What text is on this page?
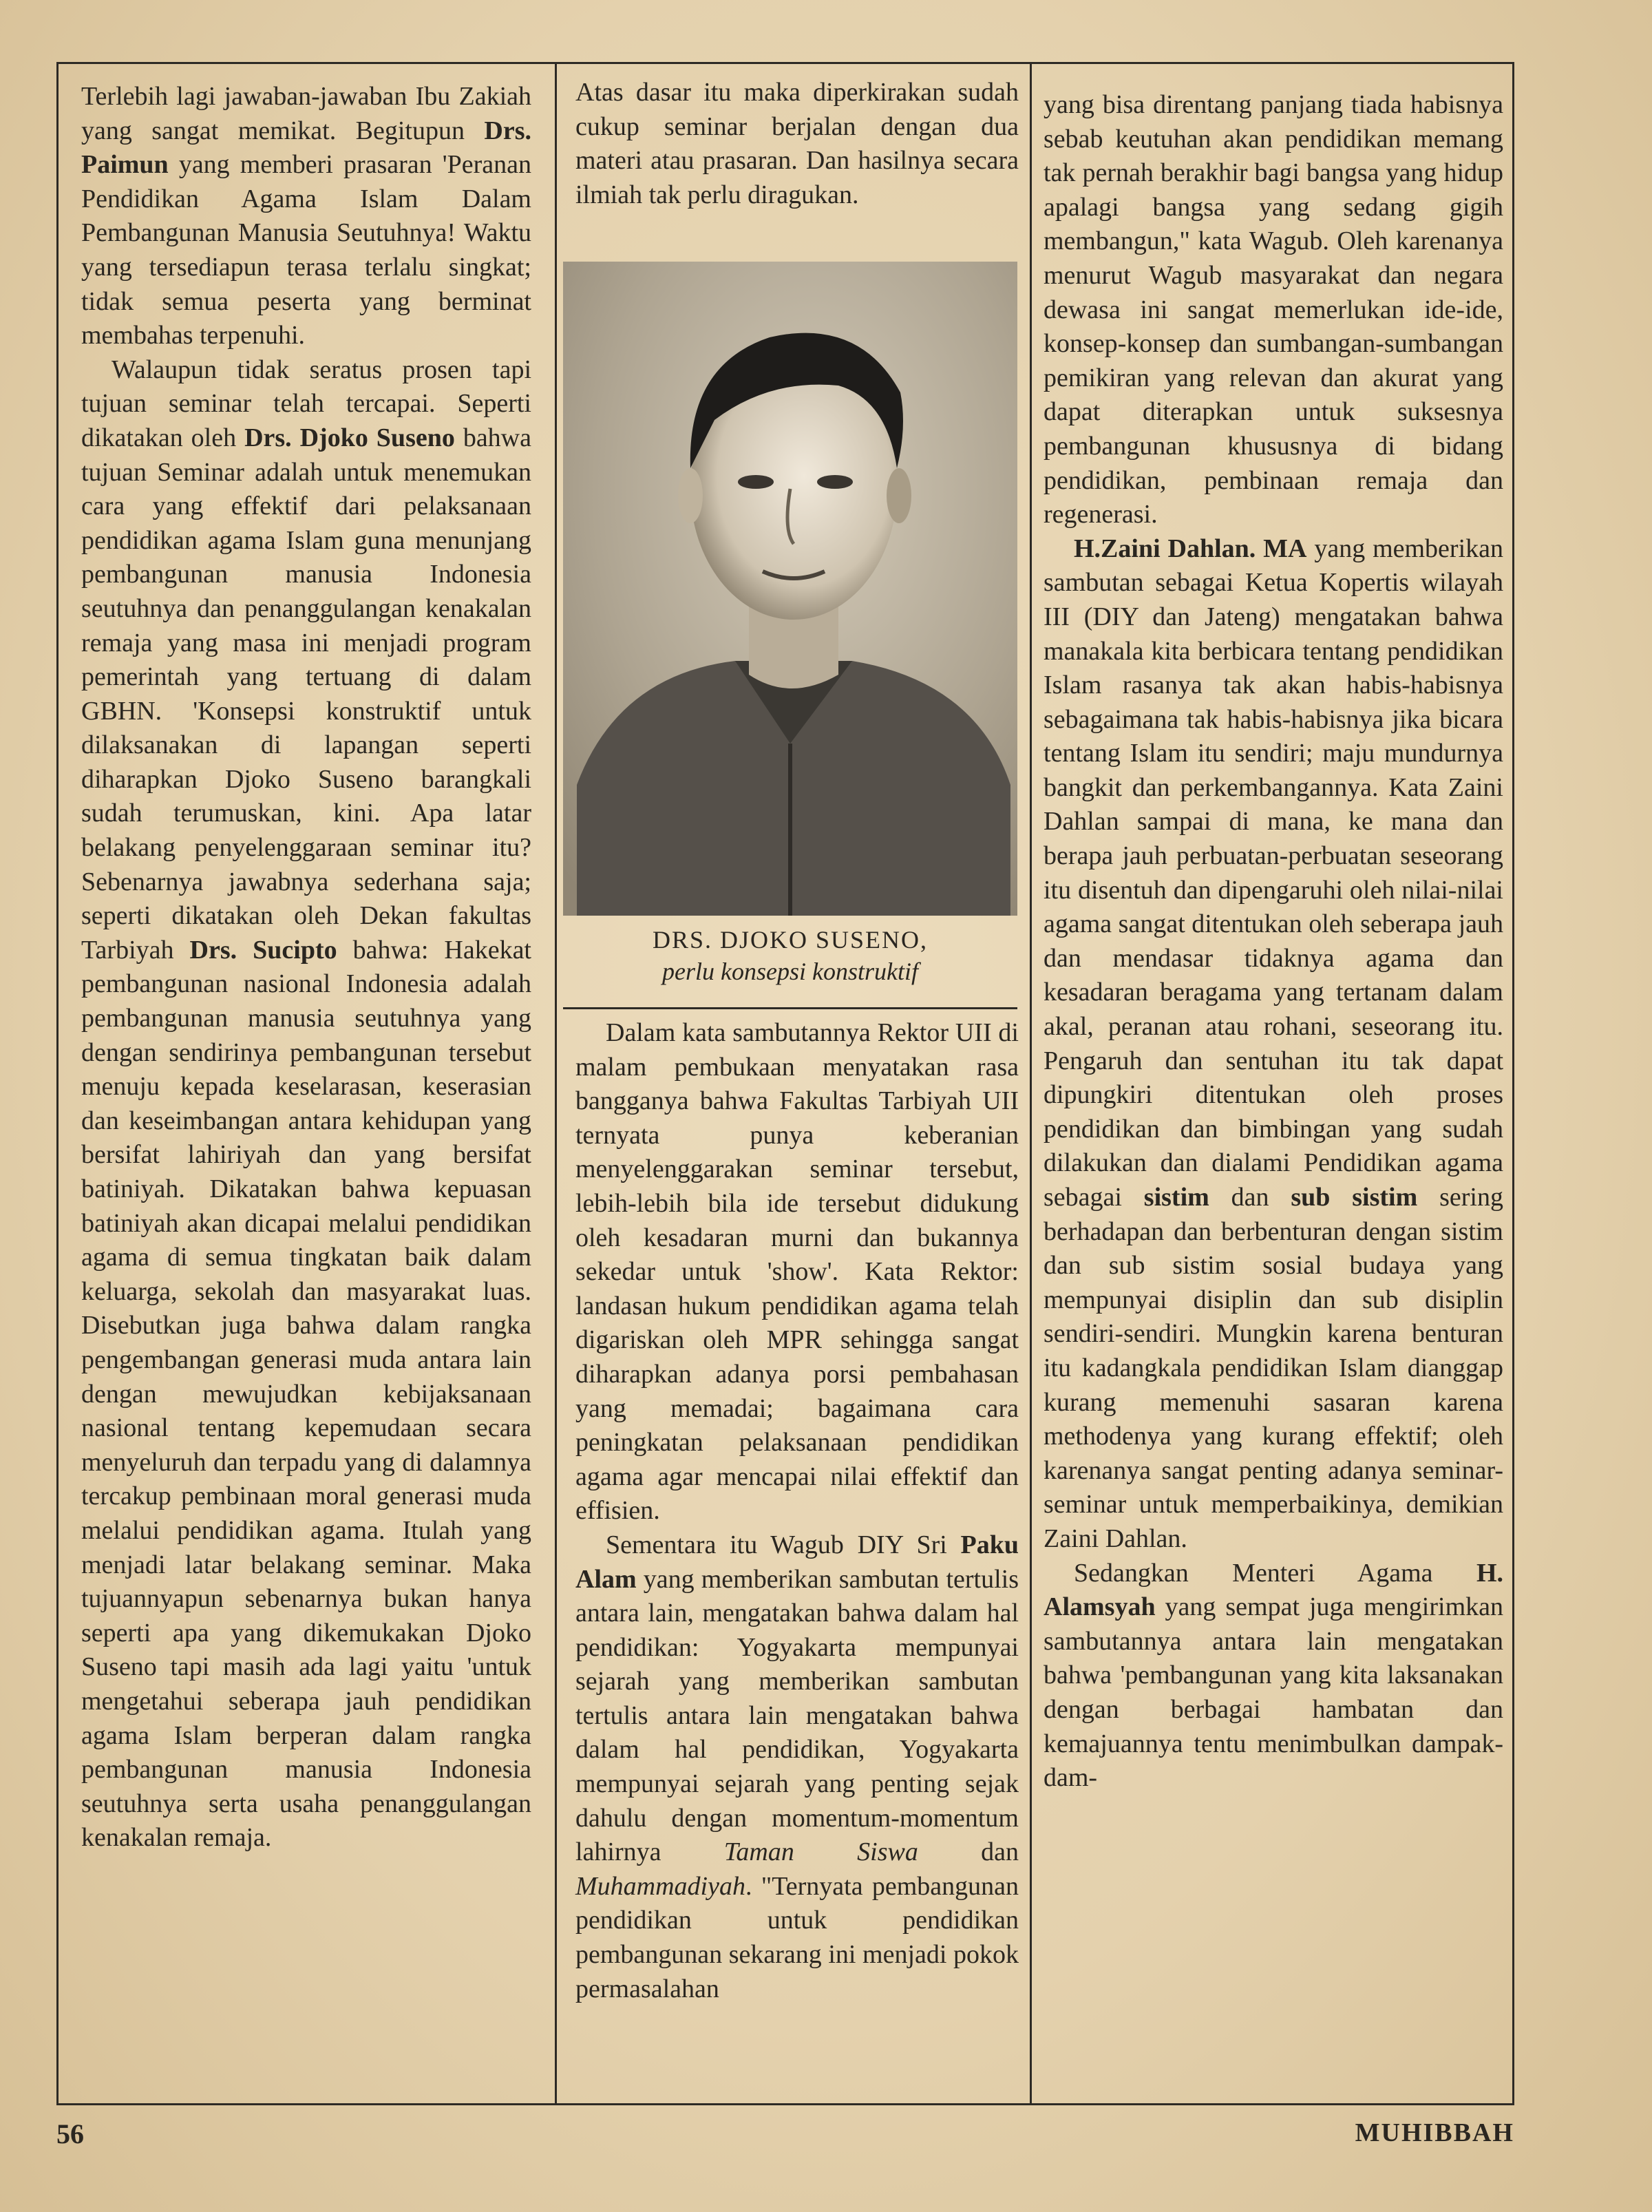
Terlebih lagi jawaban-jawaban Ibu Zakiah yang sangat memikat. Begitupun Drs. Paimun yang memberi prasaran 'Peranan Pendidikan Agama Islam Dalam Pembangunan Manusia Seutuhnya! Waktu yang tersediapun terasa terlalu singkat; tidak semua peserta yang berminat membahas terpenuhi.

Walaupun tidak seratus prosen tapi tujuan seminar telah tercapai. Seperti dikatakan oleh Drs. Djoko Suseno bahwa tujuan Seminar adalah untuk menemukan cara yang effektif dari pelaksanaan pendidikan agama Islam guna menunjang pembangunan manusia Indonesia seutuhnya dan penanggulangan kenakalan remaja yang masa ini menjadi program pemerintah yang tertuang di dalam GBHN. 'Konsepsi konstruktif untuk dilaksanakan di lapangan seperti diharapkan Djoko Suseno barangkali sudah terumuskan, kini. Apa latar belakang penyelenggaraan seminar itu? Sebenarnya jawabnya sederhana saja; seperti dikatakan oleh Dekan fakultas Tarbiyah Drs. Sucipto bahwa: Hakekat pembangunan nasional Indonesia adalah pembangunan manusia seutuhnya yang dengan sendirinya pembangunan tersebut menuju kepada keselarasan, keserasian dan keseimbangan antara kehidupan yang bersifat lahiriyah dan yang bersifat batiniyah. Dikatakan bahwa kepuasan batiniyah akan dicapai melalui pendidikan agama di semua tingkatan baik dalam keluarga, sekolah dan masyarakat luas. Disebutkan juga bahwa dalam rangka pengembangan generasi muda antara lain dengan mewujudkan kebijaksanaan nasional tentang kepemudaan secara menyeluruh dan terpadu yang di dalamnya tercakup pembinaan moral generasi muda melalui pendidikan agama. Itulah yang menjadi latar belakang seminar. Maka tujuannyapun sebenarnya bukan hanya seperti apa yang dikemukakan Djoko Suseno tapi masih ada lagi yaitu 'untuk mengetahui seberapa jauh pendidikan agama Islam berperan dalam rangka pembangunan manusia Indonesia seutuhnya serta usaha penanggulangan kenakalan remaja.

Atas dasar itu maka diperkirakan sudah cukup seminar berjalan dengan dua materi atau prasaran. Dan hasilnya secara ilmiah tak perlu diragukan.

DRS. DJOKO SUSENO,
perlu konsepsi konstruktif

Dalam kata sambutannya Rektor UII di malam pembukaan menyatakan rasa bangganya bahwa Fakultas Tarbiyah UII ternyata punya keberanian menyelenggarakan seminar tersebut, lebih-lebih bila ide tersebut didukung oleh kesadaran murni dan bukannya sekedar untuk 'show'. Kata Rektor: landasan hukum pendidikan agama telah digariskan oleh MPR sehingga sangat diharapkan adanya porsi pembahasan yang memadai; bagaimana cara peningkatan pelaksanaan pendidikan agama agar mencapai nilai effektif dan effisien.

Sementara itu Wagub DIY Sri Paku Alam yang memberikan sambutan tertulis antara lain, mengatakan bahwa dalam hal pendidikan: Yogyakarta mempunyai sejarah yang memberikan sambutan tertulis antara lain mengatakan bahwa dalam hal pendidikan, Yogyakarta mempunyai sejarah yang penting sejak dahulu dengan momentum-momentum lahirnya Taman Siswa dan Muhammadiyah. "Ternyata pembangunan pendidikan untuk pendidikan pembangunan sekarang ini menjadi pokok permasalahan

yang bisa direntang panjang tiada habisnya sebab keutuhan akan pendidikan memang tak pernah berakhir bagi bangsa yang hidup apalagi bangsa yang sedang gigih membangun," kata Wagub. Oleh karenanya menurut Wagub masyarakat dan negara dewasa ini sangat memerlukan ide-ide, konsep-konsep dan sumbangan-sumbangan pemikiran yang relevan dan akurat yang dapat diterapkan untuk suksesnya pembangunan khususnya di bidang pendidikan, pembinaan remaja dan regenerasi.

H.Zaini Dahlan. MA yang memberikan sambutan sebagai Ketua Kopertis wilayah III (DIY dan Jateng) mengatakan bahwa manakala kita berbicara tentang pendidikan Islam rasanya tak akan habis-habisnya sebagaimana tak habis-habisnya jika bicara tentang Islam itu sendiri; maju mundurnya bangkit dan perkembangannya. Kata Zaini Dahlan sampai di mana, ke mana dan berapa jauh perbuatan-perbuatan seseorang itu disentuh dan dipengaruhi oleh nilai-nilai agama sangat ditentukan oleh seberapa jauh dan mendasar tidaknya agama dan kesadaran beragama yang tertanam dalam akal, peranan atau rohani, seseorang itu. Pengaruh dan sentuhan itu tak dapat dipungkiri ditentukan oleh proses pendidikan dan bimbingan yang sudah dilakukan dan dialami Pendidikan agama sebagai sistim dan sub sistim sering berhadapan dan berbenturan dengan sistim dan sub sistim sosial budaya yang mempunyai disiplin dan sub disiplin sendiri-sendiri. Mungkin karena benturan itu kadangkala pendidikan Islam dianggap kurang memenuhi sasaran karena methodenya yang kurang effektif; oleh karenanya sangat penting adanya seminar-seminar untuk memperbaikinya, demikian Zaini Dahlan.

Sedangkan Menteri Agama H. Alamsyah yang sempat juga mengirimkan sambutannya antara lain mengatakan bahwa 'pembangunan yang kita laksanakan dengan berbagai hambatan dan kemajuannya tentu menimbulkan dampak-dam-

56	MUHIBBAH
